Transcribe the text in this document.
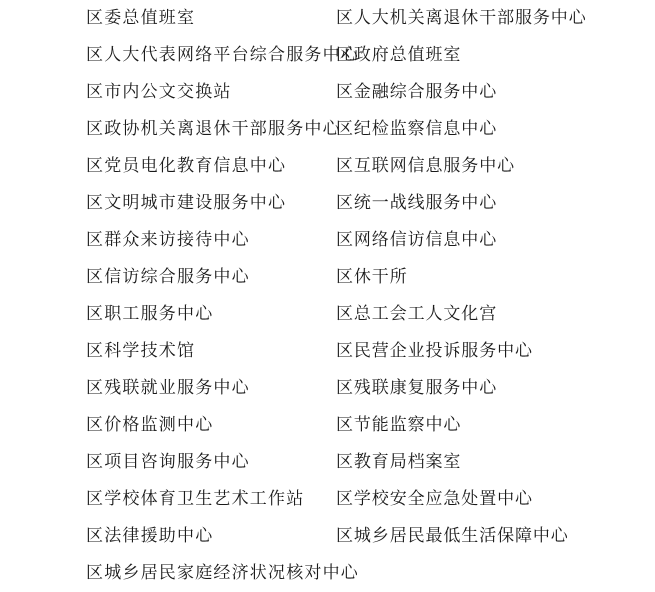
区委总值班室
区人大代表网络平台综合服务中心
区市内公文交换站
区政协机关离退休干部服务中心
区党员电化教育信息中心
区文明城市建设服务中心
区群众来访接待中心
区信访综合服务中心
区职工服务中心
区科学技术馆
区残联就业服务中心
区价格监测中心
区项目咨询服务中心
区学校体育卫生艺术工作站
区法律援助中心
区城乡居民家庭经济状况核对中心
区人大机关离退休干部服务中心
区政府总值班室
区金融综合服务中心
区纪检监察信息中心
区互联网信息服务中心
区统一战线服务中心
区网络信访信息中心
区休干所
区总工会工人文化宫
区民营企业投诉服务中心
区残联康复服务中心
区节能监察中心
区教育局档案室
区学校安全应急处置中心
区城乡居民最低生活保障中心
